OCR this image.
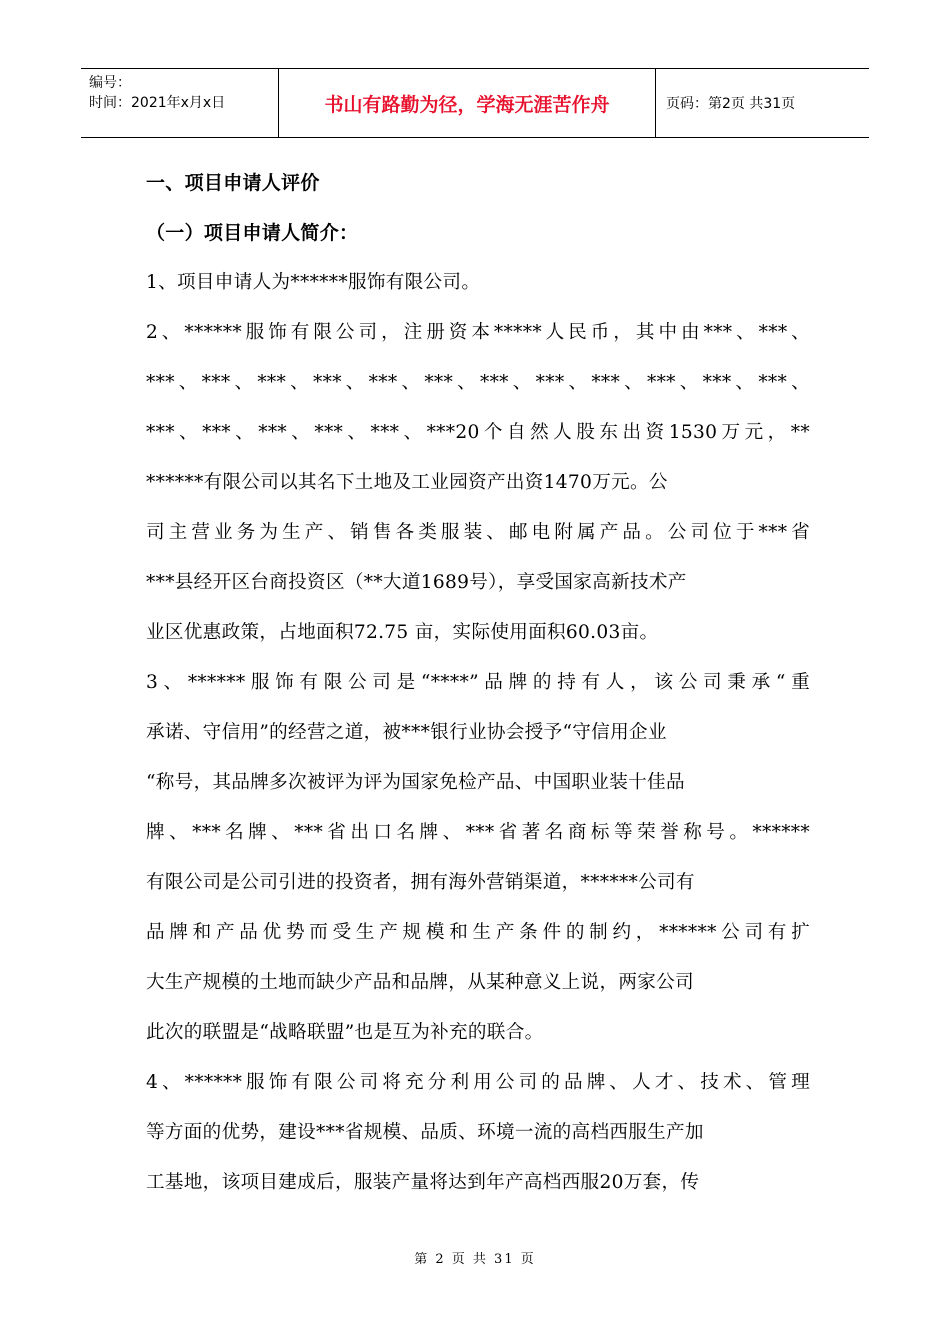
编号：
时间：2021年x月x日	书山有路勤为径，学海无涯苦作舟	页码：第2页 共31页
一、项目申请人评价
（一）项目申请人简介：
1、项目申请人为******服饰有限公司。
2、******服饰有限公司，注册资本*****人民币，其中由***、***、
***、***、***、***、***、***、***、***、***、***、***、***、
***、***、***、***、***、***20个自然人股东出资1530万元，**
******有限公司以其名下土地及工业园资产出资1470万元。公
司主营业务为生产、销售各类服装、邮电附属产品。公司位于***省
***县经开区台商投资区（**大道1689号），享受国家高新技术产
业区优惠政策，占地面积72.75 亩，实际使用面积60.03亩。
3、******服饰有限公司是“****”品牌的持有人，该公司秉承“重
承诺、守信用”的经营之道，被***银行业协会授予“守信用企业
“称号，其品牌多次被评为评为国家免检产品、中国职业装十佳品
牌、***名牌、***省出口名牌、***省著名商标等荣誉称号。******
有限公司是公司引进的投资者，拥有海外营销渠道，******公司有
品牌和产品优势而受生产规模和生产条件的制约，******公司有扩
大生产规模的土地而缺少产品和品牌，从某种意义上说，两家公司
此次的联盟是“战略联盟”也是互为补充的联合。
4、******服饰有限公司将充分利用公司的品牌、人才、技术、管理
等方面的优势，建设***省规模、品质、环境一流的高档西服生产加
工基地，该项目建成后，服装产量将达到年产高档西服20万套，传
第 2 页 共 31 页
